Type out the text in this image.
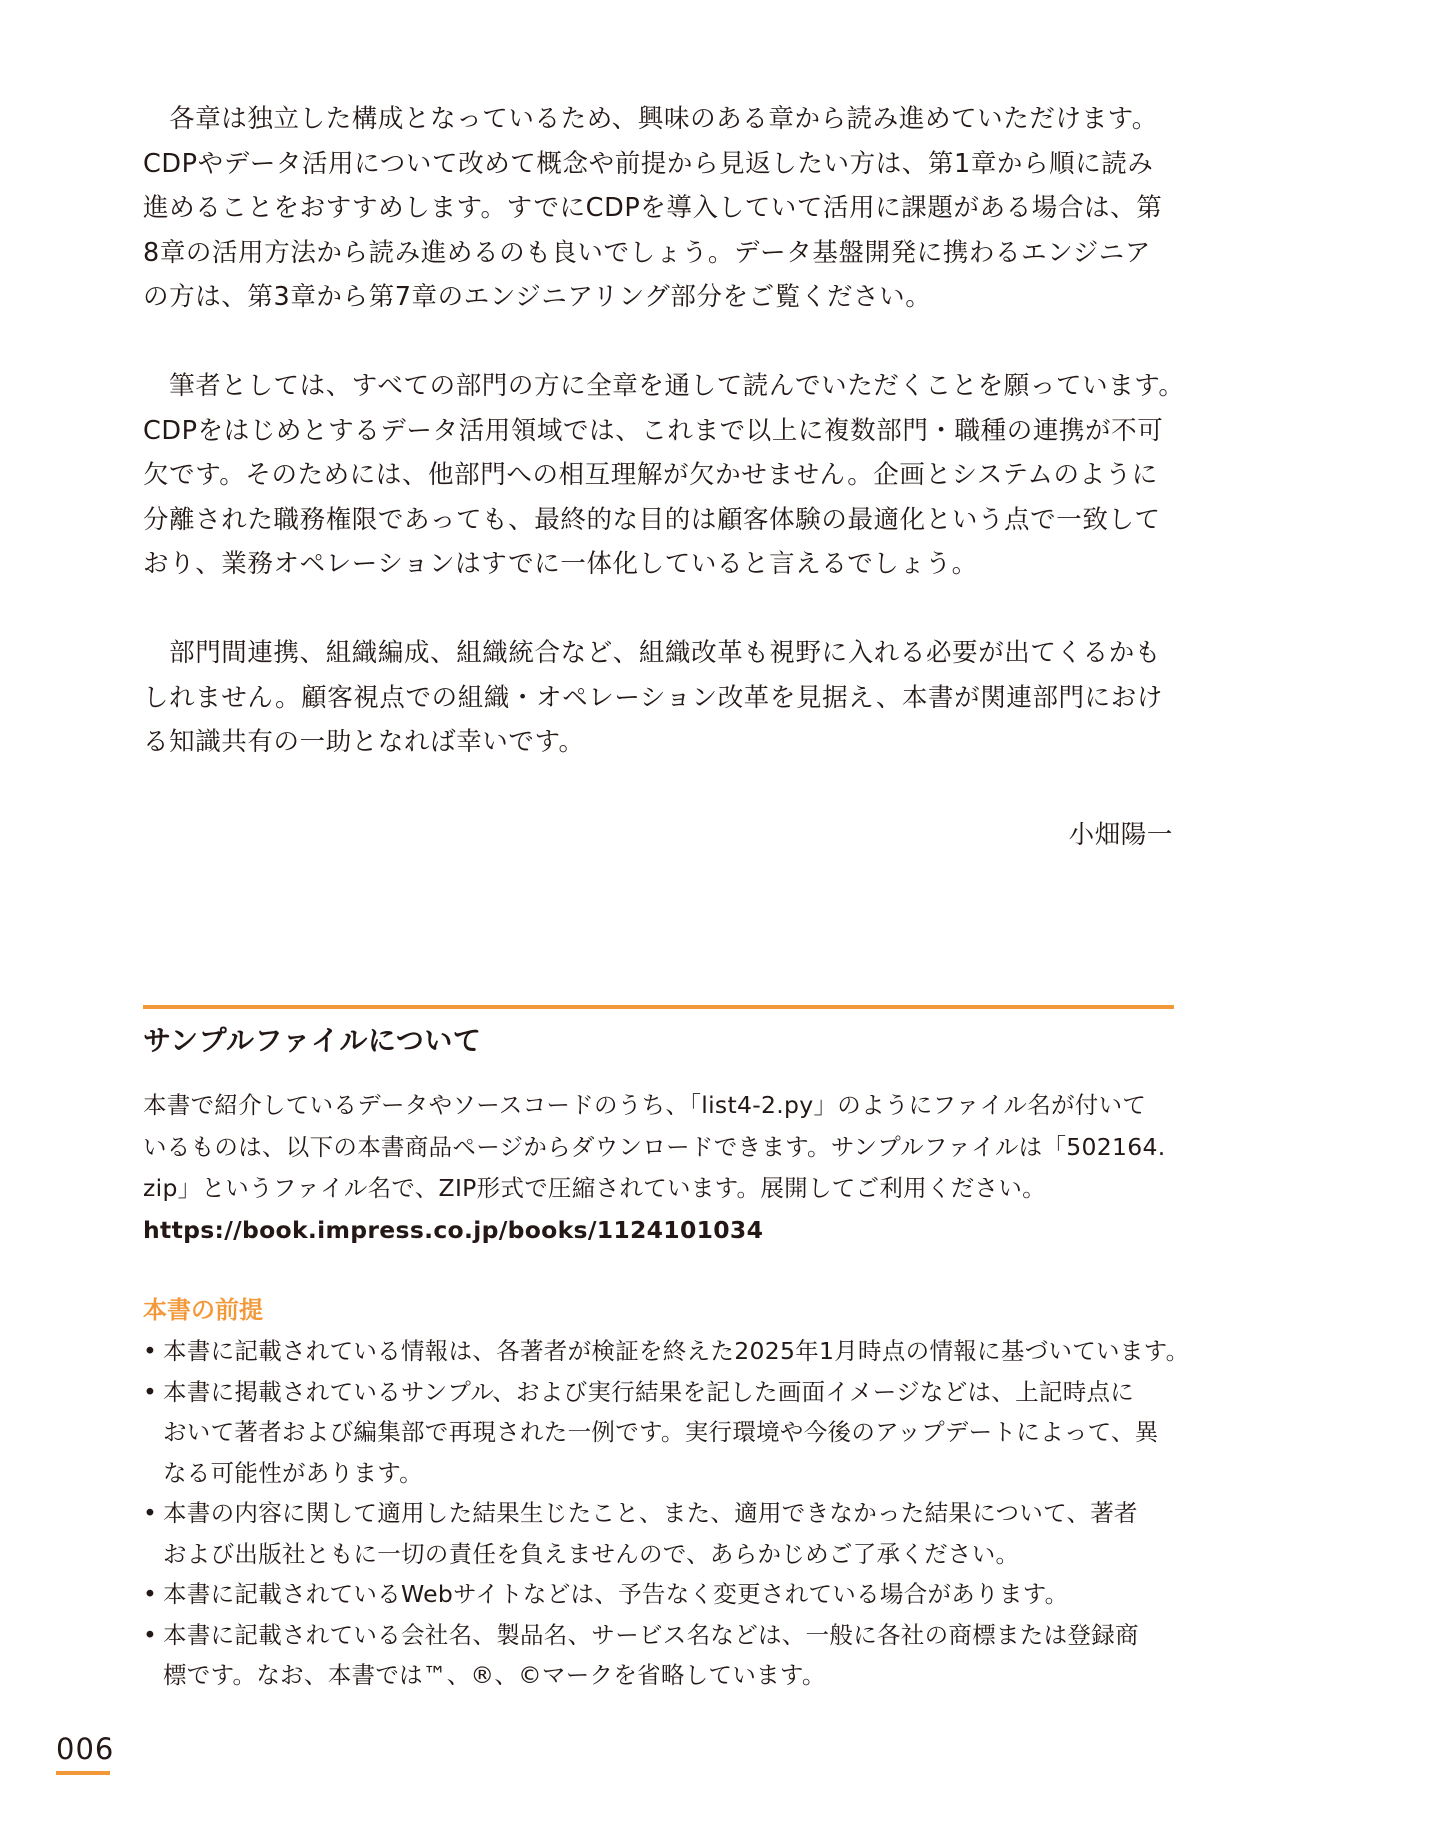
　各章は独立した構成となっているため、興味のある章から読み進めていただけます。
CDPやデータ活用について改めて概念や前提から見返したい方は、第1章から順に読み
進めることをおすすめします。すでにCDPを導入していて活用に課題がある場合は、第
8章の活用方法から読み進めるのも良いでしょう。データ基盤開発に携わるエンジニア
の方は、第3章から第7章のエンジニアリング部分をご覧ください。
　筆者としては、すべての部門の方に全章を通して読んでいただくことを願っています。
CDPをはじめとするデータ活用領域では、これまで以上に複数部門・職種の連携が不可
欠です。そのためには、他部門への相互理解が欠かせません。企画とシステムのように
分離された職務権限であっても、最終的な目的は顧客体験の最適化という点で一致して
おり、業務オペレーションはすでに一体化していると言えるでしょう。
　部門間連携、組織編成、組織統合など、組織改革も視野に入れる必要が出てくるかも
しれません。顧客視点での組織・オペレーション改革を見据え、本書が関連部門におけ
る知識共有の一助となれば幸いです。
小畑陽一
サンプルファイルについて
本書で紹介しているデータやソースコードのうち、「list4-2.py」のようにファイル名が付いて
いるものは、以下の本書商品ページからダウンロードできます。サンプルファイルは「502164.
zip」というファイル名で、ZIP形式で圧縮されています。展開してご利用ください。
https://book.impress.co.jp/books/1124101034
本書の前提
• 本書に記載されている情報は、各著者が検証を終えた2025年1月時点の情報に基づいています。
• 本書に掲載されているサンプル、および実行結果を記した画面イメージなどは、上記時点に
おいて著者および編集部で再現された一例です。実行環境や今後のアップデートによって、異
なる可能性があります。
• 本書の内容に関して適用した結果生じたこと、また、適用できなかった結果について、著者
および出版社ともに一切の責任を負えませんので、あらかじめご了承ください。
• 本書に記載されているWebサイトなどは、予告なく変更されている場合があります。
• 本書に記載されている会社名、製品名、サービス名などは、一般に各社の商標または登録商
標です。なお、本書では™、®、©マークを省略しています。
006
